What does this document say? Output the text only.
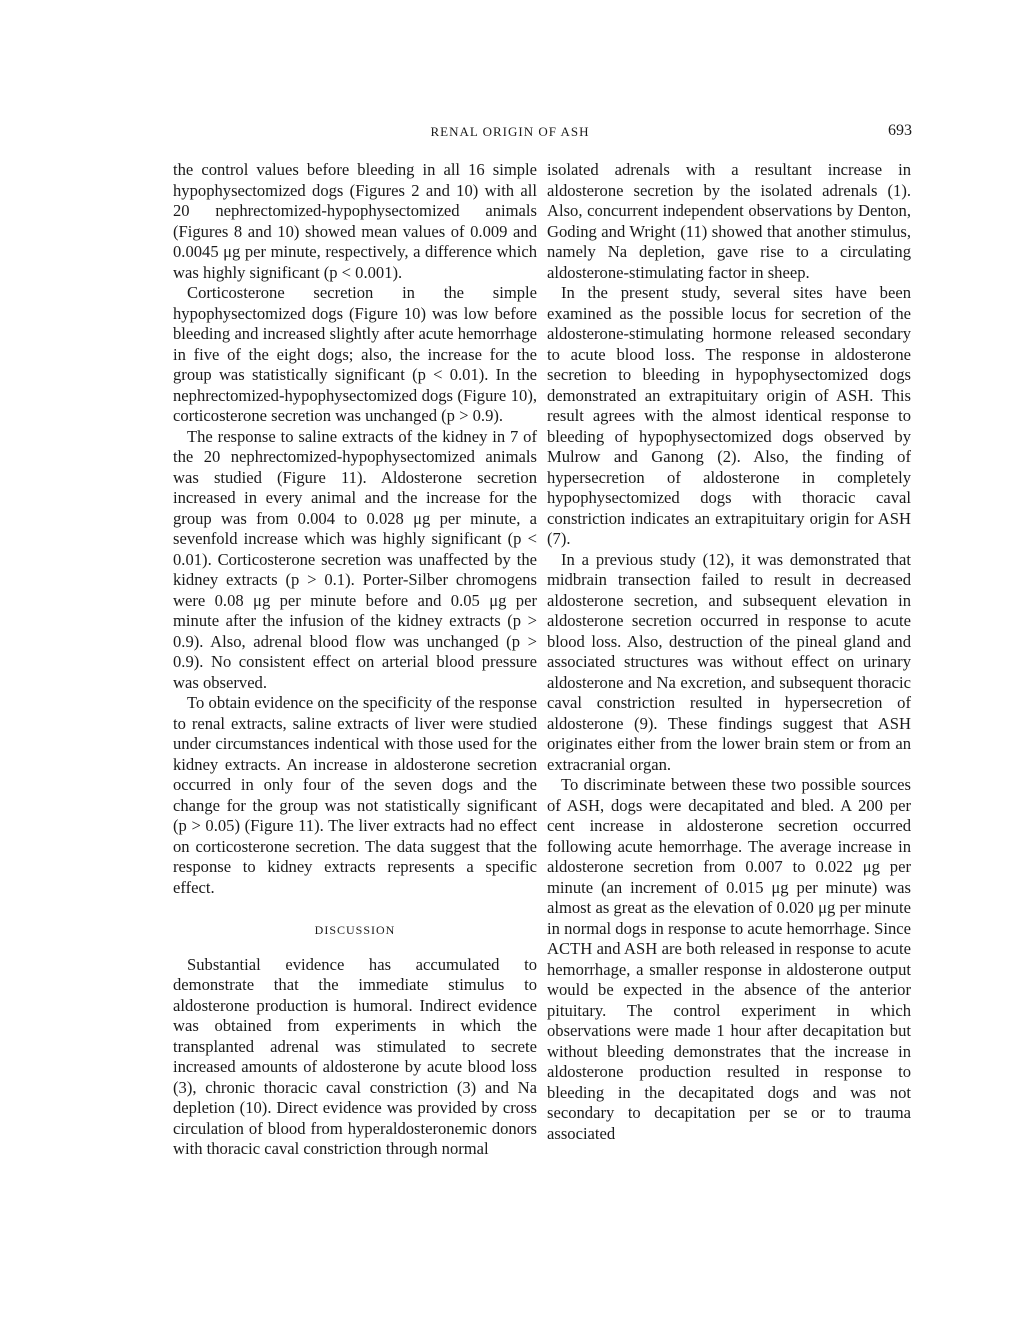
RENAL ORIGIN OF ASH	693

the control values before bleeding in all 16 simple hypophysectomized dogs (Figures 2 and 10) with all 20 nephrectomized-hypophysectomized animals (Figures 8 and 10) showed mean values of 0.009 and 0.0045 μg per minute, respectively, a difference which was highly significant (p < 0.001).

Corticosterone secretion in the simple hypophysectomized dogs (Figure 10) was low before bleeding and increased slightly after acute hemorrhage in five of the eight dogs; also, the increase for the group was statistically significant (p < 0.01). In the nephrectomized-hypophysectomized dogs (Figure 10), corticosterone secretion was unchanged (p > 0.9).

The response to saline extracts of the kidney in 7 of the 20 nephrectomized-hypophysectomized animals was studied (Figure 11). Aldosterone secretion increased in every animal and the increase for the group was from 0.004 to 0.028 μg per minute, a sevenfold increase which was highly significant (p < 0.01). Corticosterone secretion was unaffected by the kidney extracts (p > 0.1). Porter-Silber chromogens were 0.08 μg per minute before and 0.05 μg per minute after the infusion of the kidney extracts (p > 0.9). Also, adrenal blood flow was unchanged (p > 0.9). No consistent effect on arterial blood pressure was observed.

To obtain evidence on the specificity of the response to renal extracts, saline extracts of liver were studied under circumstances indentical with those used for the kidney extracts. An increase in aldosterone secretion occurred in only four of the seven dogs and the change for the group was not statistically significant (p > 0.05) (Figure 11). The liver extracts had no effect on corticosterone secretion. The data suggest that the response to kidney extracts represents a specific effect.

DISCUSSION

Substantial evidence has accumulated to demonstrate that the immediate stimulus to aldosterone production is humoral. Indirect evidence was obtained from experiments in which the transplanted adrenal was stimulated to secrete increased amounts of aldosterone by acute blood loss (3), chronic thoracic caval constriction (3) and Na depletion (10). Direct evidence was provided by cross circulation of blood from hyperaldosteronemic donors with thoracic caval constriction through normal

isolated adrenals with a resultant increase in aldosterone secretion by the isolated adrenals (1). Also, concurrent independent observations by Denton, Goding and Wright (11) showed that another stimulus, namely Na depletion, gave rise to a circulating aldosterone-stimulating factor in sheep.

In the present study, several sites have been examined as the possible locus for secretion of the aldosterone-stimulating hormone released secondary to acute blood loss. The response in aldosterone secretion to bleeding in hypophysectomized dogs demonstrated an extrapituitary origin of ASH. This result agrees with the almost identical response to bleeding of hypophysectomized dogs observed by Mulrow and Ganong (2). Also, the finding of hypersecretion of aldosterone in completely hypophysectomized dogs with thoracic caval constriction indicates an extrapituitary origin for ASH (7).

In a previous study (12), it was demonstrated that midbrain transection failed to result in decreased aldosterone secretion, and subsequent elevation in aldosterone secretion occurred in response to acute blood loss. Also, destruction of the pineal gland and associated structures was without effect on urinary aldosterone and Na excretion, and subsequent thoracic caval constriction resulted in hypersecretion of aldosterone (9). These findings suggest that ASH originates either from the lower brain stem or from an extracranial organ.

To discriminate between these two possible sources of ASH, dogs were decapitated and bled. A 200 per cent increase in aldosterone secretion occurred following acute hemorrhage. The average increase in aldosterone secretion from 0.007 to 0.022 μg per minute (an increment of 0.015 μg per minute) was almost as great as the elevation of 0.020 μg per minute in normal dogs in response to acute hemorrhage. Since ACTH and ASH are both released in response to acute hemorrhage, a smaller response in aldosterone output would be expected in the absence of the anterior pituitary. The control experiment in which observations were made 1 hour after decapitation but without bleeding demonstrates that the increase in aldosterone production resulted in response to bleeding in the decapitated dogs and was not secondary to decapitation per se or to trauma associated
